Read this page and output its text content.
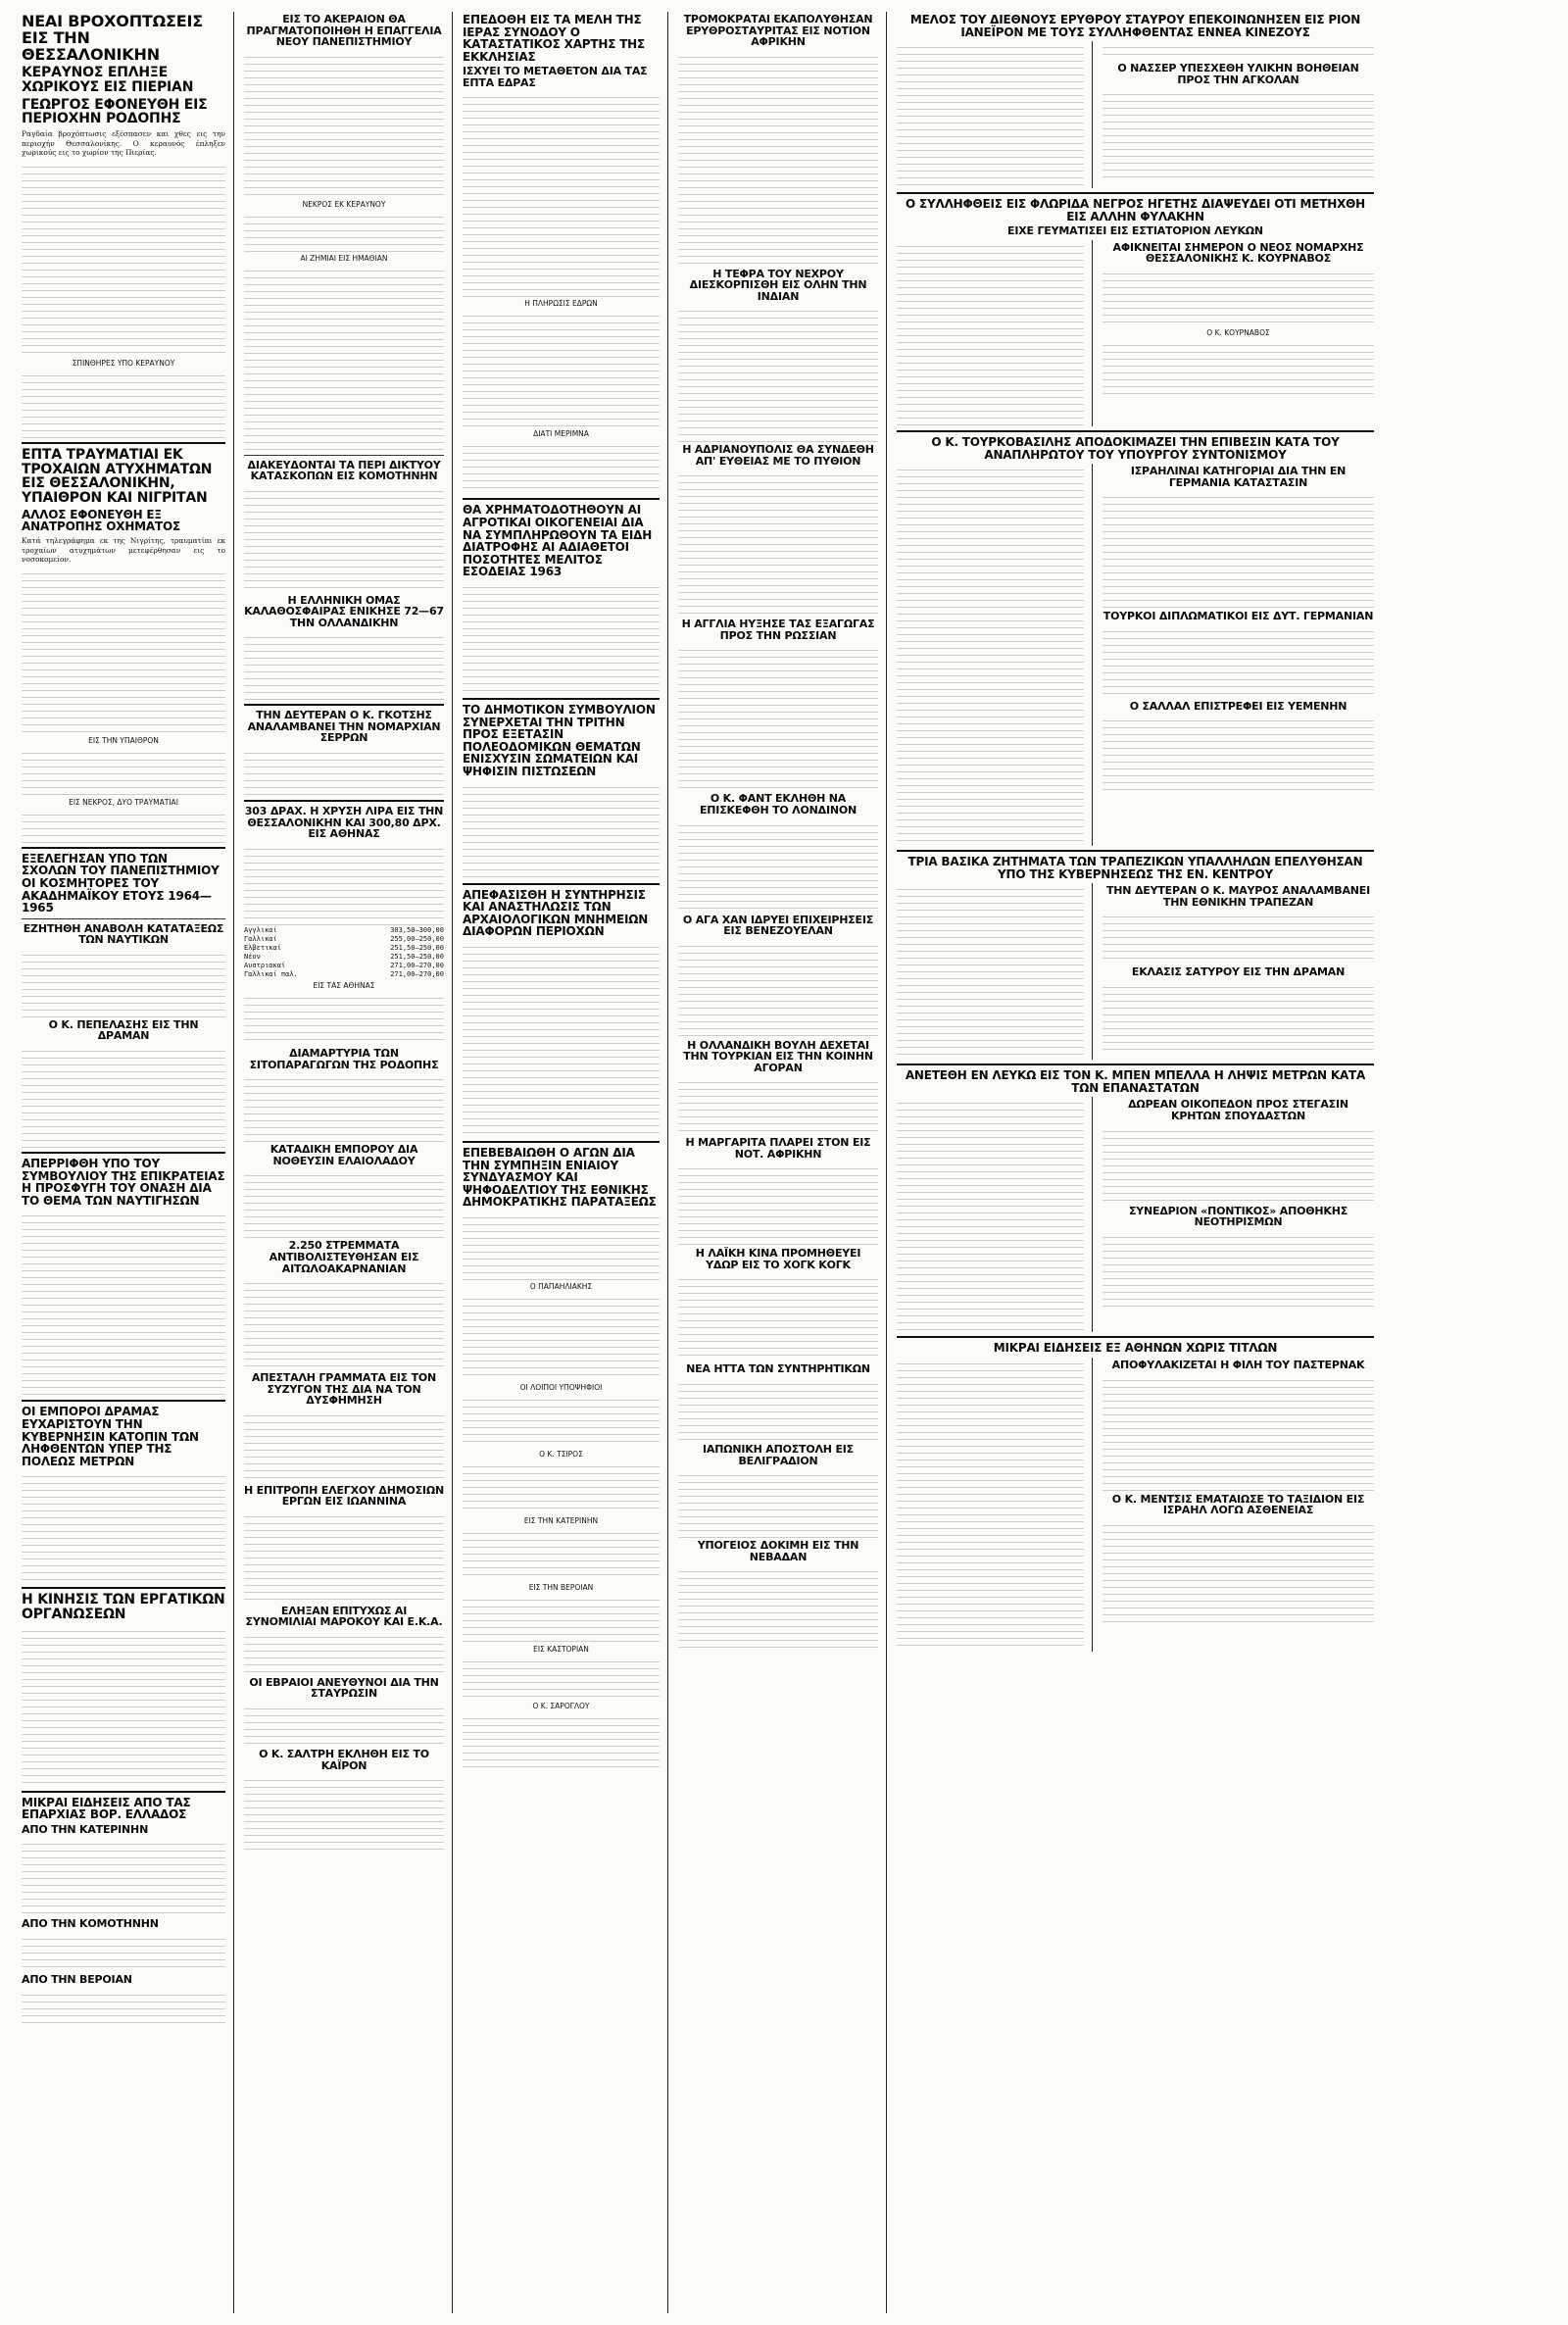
ΝΕΑΙ ΒΡΟΧΟΠΤΩΣΕΙΣ ΕΙΣ ΤΗΝ ΘΕΣΣΑΛΟΝΙΚΗΝ
ΚΕΡΑΥΝΟΣ ΕΠΛΗΞΕ ΧΩΡΙΚΟΥΣ ΕΙΣ ΠΙΕΡΙΑΝ
ΓΕΩΡΓΟΣ ΕΦΟΝΕΥΘΗ ΕΙΣ ΠΕΡΙΟΧΗΝ ΡΟΔΟΠΗΣ

Ραγδαία βροχόπτωσις εξέσπασεν και χθες εις την περιοχήν Θεσσαλονίκης. Ο κεραυνός έπληξεν χωρικούς εις το χωρίον της Πιερίας.

ΣΠΙΝΘΗΡΕΣ ΥΠΟ ΚΕΡΑΥΝΟΥ
ΕΠΤΑ ΤΡΑΥΜΑΤΙΑΙ ΕΚ ΤΡΟΧΑΙΩΝ ΑΤΥΧΗΜΑΤΩΝ ΕΙΣ ΘΕΣΣΑΛΟΝΙΚΗΝ, ΥΠΑΙΘΡΟΝ ΚΑΙ ΝΙΓΡΙΤΑΝ
ΑΛΛΟΣ ΕΦΟΝΕΥΘΗ ΕΞ ΑΝΑΤΡΟΠΗΣ ΟΧΗΜΑΤΟΣ

Κατά τηλεγράφημα εκ της Νιγρίτης, τραυματίαι εκ τροχαίων ατυχημάτων μετεφέρθησαν εις το νοσοκομείον.

ΕΙΣ ΤΗΝ ΥΠΑΙΘΡΟΝ
ΕΙΣ ΝΕΚΡΟΣ, ΔΥΟ ΤΡΑΥΜΑΤΙΑΙ
ΕΞΕΛΕΓΗΣΑΝ ΥΠΟ ΤΩΝ ΣΧΟΛΩΝ ΤΟΥ ΠΑΝΕΠΙΣΤΗΜΙΟΥ ΟΙ ΚΟΣΜΗΤΟΡΕΣ ΤΟΥ ΑΚΑΔΗΜΑΪΚΟΥ ΕΤΟΥΣ 1964—1965
ΕΖΗΤΗΘΗ ΑΝΑΒΟΛΗ ΚΑΤΑΤΑΞΕΩΣ ΤΩΝ ΝΑΥΤΙΚΩΝ
Ο Κ. ΠΕΠΕΛΑΣΗΣ ΕΙΣ ΤΗΝ ΔΡΑΜΑΝ
ΑΠΕΡΡΙΦΘΗ ΥΠΟ ΤΟΥ ΣΥΜΒΟΥΛΙΟΥ ΤΗΣ ΕΠΙΚΡΑΤΕΙΑΣ Η ΠΡΟΣΦΥΓΗ ΤΟΥ ΟΝΑΣΗ ΔΙΑ ΤΟ ΘΕΜΑ ΤΩΝ ΝΑΥΤΙΓΗΣΩΝ
ΟΙ ΕΜΠΟΡΟΙ ΔΡΑΜΑΣ ΕΥΧΑΡΙΣΤΟΥΝ ΤΗΝ ΚΥΒΕΡΝΗΣΙΝ ΚΑΤΟΠΙΝ ΤΩΝ ΛΗΦΘΕΝΤΩΝ ΥΠΕΡ ΤΗΣ ΠΟΛΕΩΣ ΜΕΤΡΩΝ
Η ΚΙΝΗΣΙΣ ΤΩΝ ΕΡΓΑΤΙΚΩΝ ΟΡΓΑΝΩΣΕΩΝ
ΜΙΚΡΑΙ ΕΙΔΗΣΕΙΣ ΑΠΟ ΤΑΣ ΕΠΑΡΧΙΑΣ ΒΟΡ. ΕΛΛΑΔΟΣ
ΑΠΟ ΤΗΝ ΚΑΤΕΡΙΝΗΝ
ΑΠΟ ΤΗΝ ΚΟΜΟΤΗΝΗΝ
ΑΠΟ ΤΗΝ ΒΕΡΟΙΑΝ
ΕΙΣ ΤΟ ΑΚΕΡΑΙΟΝ ΘΑ ΠΡΑΓΜΑΤΟΠΟΙΗΘΗ Η ΕΠΑΓΓΕΛΙΑ ΝΕΟΥ ΠΑΝΕΠΙΣΤΗΜΙΟΥ
ΝΕΚΡΟΣ ΕΚ ΚΕΡΑΥΝΟΥ
ΑΙ ΖΗΜΙΑΙ ΕΙΣ ΗΜΑΘΙΑΝ
ΔΙΑΚΕΥΔΟΝΤΑΙ ΤΑ ΠΕΡΙ ΔΙΚΤΥΟΥ ΚΑΤΑΣΚΟΠΩΝ ΕΙΣ ΚΟΜΟΤΗΝΗΝ
Η ΕΛΛΗΝΙΚΗ ΟΜΑΣ ΚΑΛΑΘΟΣΦΑΙΡΑΣ ΕΝΙΚΗΣΕ 72—67 ΤΗΝ ΟΛΛΑΝΔΙΚΗΝ
ΤΗΝ ΔΕΥΤΕΡΑΝ Ο Κ. ΓΚΟΤΣΗΣ ΑΝΑΛΑΜΒΑΝΕΙ ΤΗΝ ΝΟΜΑΡΧΙΑΝ ΣΕΡΡΩΝ
303 ΔΡΑΧ. Η ΧΡΥΣΗ ΛΙΡΑ ΕΙΣ ΤΗΝ ΘΕΣΣΑΛΟΝΙΚΗΝ ΚΑΙ 300,80 ΔΡΧ. ΕΙΣ ΑΘΗΝΑΣ
Αγγλικαί	303,50—300,00
Γαλλικαί	255,00—250,00
Ελβετικαί	251,50—250,00
Νέον	251,50—250,00
Αυστριακαί	271,00—270,00
Γαλλικαί παλ.	271,00—270,00
ΕΙΣ ΤΑΣ ΑΘΗΝΑΣ
ΔΙΑΜΑΡΤΥΡΙΑ ΤΩΝ ΣΙΤΟΠΑΡΑΓΩΓΩΝ ΤΗΣ ΡΟΔΟΠΗΣ
ΚΑΤΑΔΙΚΗ ΕΜΠΟΡΟΥ ΔΙΑ ΝΟΘΕΥΣΙΝ ΕΛΑΙΟΛΑΔΟΥ
2.250 ΣΤΡΕΜΜΑΤΑ ΑΝΤΙΒΟΛΙΣΤΕΥΘΗΣΑΝ ΕΙΣ ΑΙΤΩΛΟΑΚΑΡΝΑΝΙΑΝ
ΑΠΕΣΤΑΛΗ ΓΡΑΜΜΑΤΑ ΕΙΣ ΤΟΝ ΣΥΖΥΓΟΝ ΤΗΣ ΔΙΑ ΝΑ ΤΟΝ ΔΥΣΦΗΜΗΣΗ
Η ΕΠΙΤΡΟΠΗ ΕΛΕΓΧΟΥ ΔΗΜΟΣΙΩΝ ΕΡΓΩΝ ΕΙΣ ΙΩΑΝΝΙΝΑ
ΕΛΗΞΑΝ ΕΠΙΤΥΧΩΣ ΑΙ ΣΥΝΟΜΙΛΙΑΙ ΜΑΡΟΚΟΥ ΚΑΙ Ε.Κ.Α.
ΟΙ ΕΒΡΑΙΟΙ ΑΝΕΥΘΥΝΟΙ ΔΙΑ ΤΗΝ ΣΤΑΥΡΩΣΙΝ
Ο Κ. ΣΑΛΤΡΗ ΕΚΛΗΘΗ ΕΙΣ ΤΟ ΚΑΪΡΟΝ
ΕΠΕΔΟΘΗ ΕΙΣ ΤΑ ΜΕΛΗ ΤΗΣ ΙΕΡΑΣ ΣΥΝΟΔΟΥ Ο ΚΑΤΑΣΤΑΤΙΚΟΣ ΧΑΡΤΗΣ ΤΗΣ ΕΚΚΛΗΣΙΑΣ
ΙΣΧΥΕΙ ΤΟ ΜΕΤΑΘΕΤΟΝ ΔΙΑ ΤΑΣ ΕΠΤΑ ΕΔΡΑΣ
Η ΠΛΗΡΩΣΙΣ ΕΔΡΩΝ
ΔΙΑΤΙ ΜΕΡΙΜΝΑ
ΘΑ ΧΡΗΜΑΤΟΔΟΤΗΘΟΥΝ ΑΙ ΑΓΡΟΤΙΚΑΙ ΟΙΚΟΓΕΝΕΙΑΙ ΔΙΑ ΝΑ ΣΥΜΠΛΗΡΩΘΟΥΝ ΤΑ ΕΙΔΗ ΔΙΑΤΡΟΦΗΣ ΑΙ ΑΔΙΑΘΕΤΟΙ ΠΟΣΟΤΗΤΕΣ ΜΕΛΙΤΟΣ ΕΣΟΔΕΙΑΣ 1963
ΤΟ ΔΗΜΟΤΙΚΟΝ ΣΥΜΒΟΥΛΙΟΝ ΣΥΝΕΡΧΕΤΑΙ ΤΗΝ ΤΡΙΤΗΝ ΠΡΟΣ ΕΞΕΤΑΣΙΝ ΠΟΛΕΟΔΟΜΙΚΩΝ ΘΕΜΑΤΩΝ ΕΝΙΣΧΥΣΙΝ ΣΩΜΑΤΕΙΩΝ ΚΑΙ ΨΗΦΙΣΙΝ ΠΙΣΤΩΣΕΩΝ
ΑΠΕΦΑΣΙΣΘΗ Η ΣΥΝΤΗΡΗΣΙΣ ΚΑΙ ΑΝΑΣΤΗΛΩΣΙΣ ΤΩΝ ΑΡΧΑΙΟΛΟΓΙΚΩΝ ΜΝΗΜΕΙΩΝ ΔΙΑΦΟΡΩΝ ΠΕΡΙΟΧΩΝ
ΕΠΕΒΕΒΑΙΩΘΗ Ο ΑΓΩΝ ΔΙΑ ΤΗΝ ΣΥΜΠΗΞΙΝ ΕΝΙΑΙΟΥ ΣΥΝΔΥΑΣΜΟΥ ΚΑΙ ΨΗΦΟΔΕΛΤΙΟΥ ΤΗΣ ΕΘΝΙΚΗΣ ΔΗΜΟΚΡΑΤΙΚΗΣ ΠΑΡΑΤΑΞΕΩΣ
Ο ΠΑΠΑΗΛΙΑΚΗΣ
ΟΙ ΛΟΙΠΟΙ ΥΠΟΨΗΦΙΟΙ
Ο Κ. ΤΣΙΡΟΣ
ΕΙΣ ΤΗΝ ΚΑΤΕΡΙΝΗΝ
ΕΙΣ ΤΗΝ ΒΕΡΟΙΑΝ
ΕΙΣ ΚΑΣΤΟΡΙΑΝ
Ο Κ. ΣΑΡΟΓΛΟΥ
ΤΡΟΜΟΚΡΑΤΑΙ ΕΚΑΠΟΛΥΘΗΣΑΝ ΕΡΥΘΡΟΣΤΑΥΡΙΤΑΣ ΕΙΣ ΝΟΤΙΟΝ ΑΦΡΙΚΗΝ
Η ΤΕΦΡΑ ΤΟΥ ΝΕΧΡΟΥ ΔΙΕΣΚΟΡΠΙΣΘΗ ΕΙΣ ΟΛΗΝ ΤΗΝ ΙΝΔΙΑΝ
Η ΑΔΡΙΑΝΟΥΠΟΛΙΣ ΘΑ ΣΥΝΔΕΘΗ ΑΠ' ΕΥΘΕΙΑΣ ΜΕ ΤΟ ΠΥΘΙΟΝ
Η ΑΓΓΛΙΑ ΗΥΞΗΣΕ ΤΑΣ ΕΞΑΓΩΓΑΣ ΠΡΟΣ ΤΗΝ ΡΩΣΣΙΑΝ
Ο Κ. ΦΑΝΤ ΕΚΛΗΘΗ ΝΑ ΕΠΙΣΚΕΦΘΗ ΤΟ ΛΟΝΔΙΝΟΝ
Ο ΑΓΑ ΧΑΝ ΙΔΡΥΕΙ ΕΠΙΧΕΙΡΗΣΕΙΣ ΕΙΣ ΒΕΝΕΖΟΥΕΛΑΝ
Η ΟΛΛΑΝΔΙΚΗ ΒΟΥΛΗ ΔΕΧΕΤΑΙ ΤΗΝ ΤΟΥΡΚΙΑΝ ΕΙΣ ΤΗΝ ΚΟΙΝΗΝ ΑΓΟΡΑΝ
Η ΜΑΡΓΑΡΙΤΑ ΠΛΑΡΕΙ ΣΤΟΝ ΕΙΣ ΝΟΤ. ΑΦΡΙΚΗΝ
Η ΛΑΪΚΗ ΚΙΝΑ ΠΡΟΜΗΘΕΥΕΙ ΥΔΩΡ ΕΙΣ ΤΟ ΧΟΓΚ ΚΟΓΚ
ΝΕΑ ΗΤΤΑ ΤΩΝ ΣΥΝΤΗΡΗΤΙΚΩΝ
ΙΑΠΩΝΙΚΗ ΑΠΟΣΤΟΛΗ ΕΙΣ ΒΕΛΙΓΡΑΔΙΟΝ
ΥΠΟΓΕΙΟΣ ΔΟΚΙΜΗ ΕΙΣ ΤΗΝ ΝΕΒΑΔΑΝ
ΜΕΛΟΣ ΤΟΥ ΔΙΕΘΝΟΥΣ ΕΡΥΘΡΟΥ ΣΤΑΥΡΟΥ ΕΠΕΚΟΙΝΩΝΗΣΕΝ ΕΙΣ ΡΙΟΝ ΙΑΝΕΪΡΟΝ ΜΕ ΤΟΥΣ ΣΥΛΛΗΦΘΕΝΤΑΣ ΕΝΝΕΑ ΚΙΝΕΖΟΥΣ
Ο ΝΑΣΣΕΡ ΥΠΕΣΧΕΘΗ ΥΛΙΚΗΝ ΒΟΗΘΕΙΑΝ ΠΡΟΣ ΤΗΝ ΑΓΚΟΛΑΝ
Ο ΣΥΛΛΗΦΘΕΙΣ ΕΙΣ ΦΛΩΡΙΔΑ ΝΕΓΡΟΣ ΗΓΕΤΗΣ ΔΙΑΨΕΥΔΕΙ ΟΤΙ ΜΕΤΗΧΘΗ ΕΙΣ ΑΛΛΗΝ ΦΥΛΑΚΗΝ
ΕΙΧΕ ΓΕΥΜΑΤΙΣΕΙ ΕΙΣ ΕΣΤΙΑΤΟΡΙΟΝ ΛΕΥΚΩΝ
ΑΦΙΚΝΕΙΤΑΙ ΣΗΜΕΡΟΝ Ο ΝΕΟΣ ΝΟΜΑΡΧΗΣ ΘΕΣΣΑΛΟΝΙΚΗΣ Κ. ΚΟΥΡΝΑΒΟΣ
Ο Κ. ΚΟΥΡΝΑΒΟΣ
Ο Κ. ΤΟΥΡΚΟΒΑΣΙΛΗΣ ΑΠΟΔΟΚΙΜΑΖΕΙ ΤΗΝ ΕΠΙΒΕΣΙΝ ΚΑΤΑ ΤΟΥ ΑΝΑΠΛΗΡΩΤΟΥ ΤΟΥ ΥΠΟΥΡΓΟΥ ΣΥΝΤΟΝΙΣΜΟΥ
ΙΣΡΑΗΛΙΝΑΙ ΚΑΤΗΓΟΡΙΑΙ ΔΙΑ ΤΗΝ ΕΝ ΓΕΡΜΑΝΙΑ ΚΑΤΑΣΤΑΣΙΝ
ΤΟΥΡΚΟΙ ΔΙΠΛΩΜΑΤΙΚΟΙ ΕΙΣ ΔΥΤ. ΓΕΡΜΑΝΙΑΝ
Ο ΣΑΛΛΑΛ ΕΠΙΣΤΡΕΦΕΙ ΕΙΣ ΥΕΜΕΝΗΝ
ΤΡΙΑ ΒΑΣΙΚΑ ΖΗΤΗΜΑΤΑ ΤΩΝ ΤΡΑΠΕΖΙΚΩΝ ΥΠΑΛΛΗΛΩΝ ΕΠΕΛΥΘΗΣΑΝ ΥΠΟ ΤΗΣ ΚΥΒΕΡΝΗΣΕΩΣ ΤΗΣ ΕΝ. ΚΕΝΤΡΟΥ
ΤΗΝ ΔΕΥΤΕΡΑΝ Ο Κ. ΜΑΥΡΟΣ ΑΝΑΛΑΜΒΑΝΕΙ ΤΗΝ ΕΘΝΙΚΗΝ ΤΡΑΠΕΖΑΝ
ΕΚΛΑΣΙΣ ΣΑΤΥΡΟΥ ΕΙΣ ΤΗΝ ΔΡΑΜΑΝ
ΑΝΕΤΕΘΗ ΕΝ ΛΕΥΚΩ ΕΙΣ ΤΟΝ Κ. ΜΠΕΝ ΜΠΕΛΛΑ Η ΛΗΨΙΣ ΜΕΤΡΩΝ ΚΑΤΑ ΤΩΝ ΕΠΑΝΑΣΤΑΤΩΝ
ΔΩΡΕΑΝ ΟΙΚΟΠΕΔΟΝ ΠΡΟΣ ΣΤΕΓΑΣΙΝ ΚΡΗΤΩΝ ΣΠΟΥΔΑΣΤΩΝ
ΣΥΝΕΔΡΙΟΝ «ΠΟΝΤΙΚΟΣ» ΑΠΟΘΗΚΗΣ ΝΕΟΤΗΡΙΣΜΩΝ
ΜΙΚΡΑΙ ΕΙΔΗΣΕΙΣ ΕΞ ΑΘΗΝΩΝ ΧΩΡΙΣ ΤΙΤΛΩΝ
ΑΠΟΦΥΛΑΚΙΖΕΤΑΙ Η ΦΙΛΗ ΤΟΥ ΠΑΣΤΕΡΝΑΚ
Ο Κ. ΜΕΝΤΣΙΣ ΕΜΑΤΑΙΩΣΕ ΤΟ ΤΑΞΙΔΙΟΝ ΕΙΣ ΙΣΡΑΗΛ ΛΟΓΩ ΑΣΘΕΝΕΙΑΣ
